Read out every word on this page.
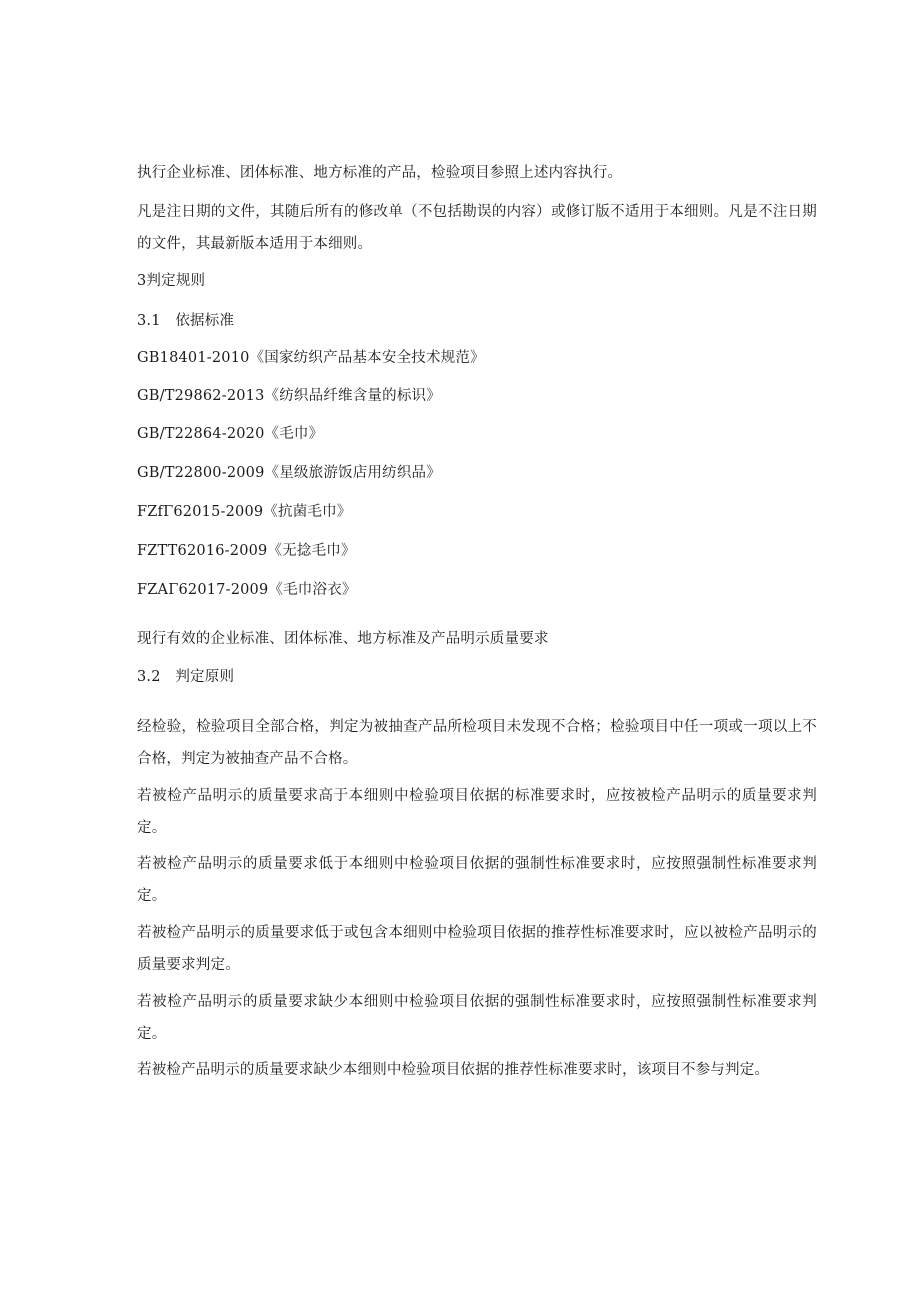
执行企业标准、团体标准、地方标准的产品，检验项目参照上述内容执行。
凡是注日期的文件，其随后所有的修改单（不包括勘误的内容）或修订版不适用于本细则。凡是不注日期的文件，其最新版本适用于本细则。
3判定规则
3.1　依据标准
GB18401-2010《国家纺织产品基本安全技术规范》
GB/T29862-2013《纺织品纤维含量的标识》
GB/T22864-2020《毛巾》
GB/T22800-2009《星级旅游饭店用纺织品》
FZfΓ62015-2009《抗菌毛巾》
FZTT62016-2009《无捻毛巾》
FZAΓ62017-2009《毛巾浴衣》
现行有效的企业标准、团体标准、地方标准及产品明示质量要求
3.2　判定原则
经检验，检验项目全部合格，判定为被抽查产品所检项目未发现不合格；检验项目中任一项或一项以上不合格，判定为被抽查产品不合格。
若被检产品明示的质量要求高于本细则中检验项目依据的标准要求时，应按被检产品明示的质量要求判定。
若被检产品明示的质量要求低于本细则中检验项目依据的强制性标准要求时，应按照强制性标准要求判定。
若被检产品明示的质量要求低于或包含本细则中检验项目依据的推荐性标准要求时，应以被检产品明示的质量要求判定。
若被检产品明示的质量要求缺少本细则中检验项目依据的强制性标准要求时，应按照强制性标准要求判定。
若被检产品明示的质量要求缺少本细则中检验项目依据的推荐性标准要求时，该项目不参与判定。
